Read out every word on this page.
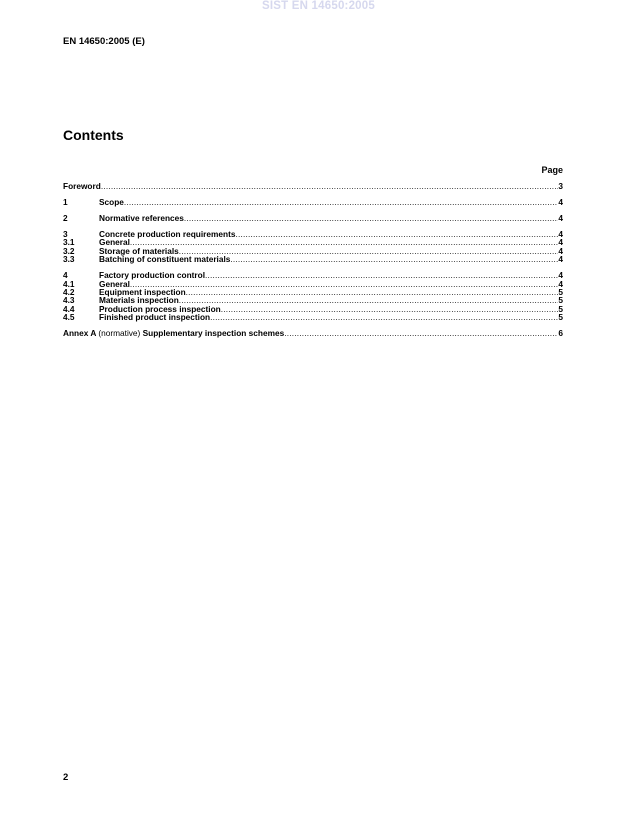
SIST EN 14650:2005
EN 14650:2005 (E)
Contents
Page
Foreword .....	3
1	Scope .....	4
2	Normative references .....	4
3	Concrete production requirements .....	4
3.1	General .....	4
3.2	Storage of materials .....	4
3.3	Batching of constituent materials .....	4
4	Factory production control .....	4
4.1	General .....	4
4.2	Equipment inspection .....	5
4.3	Materials inspection .....	5
4.4	Production process inspection .....	5
4.5	Finished product inspection .....	5
Annex A (normative) Supplementary inspection schemes .....	6
2
